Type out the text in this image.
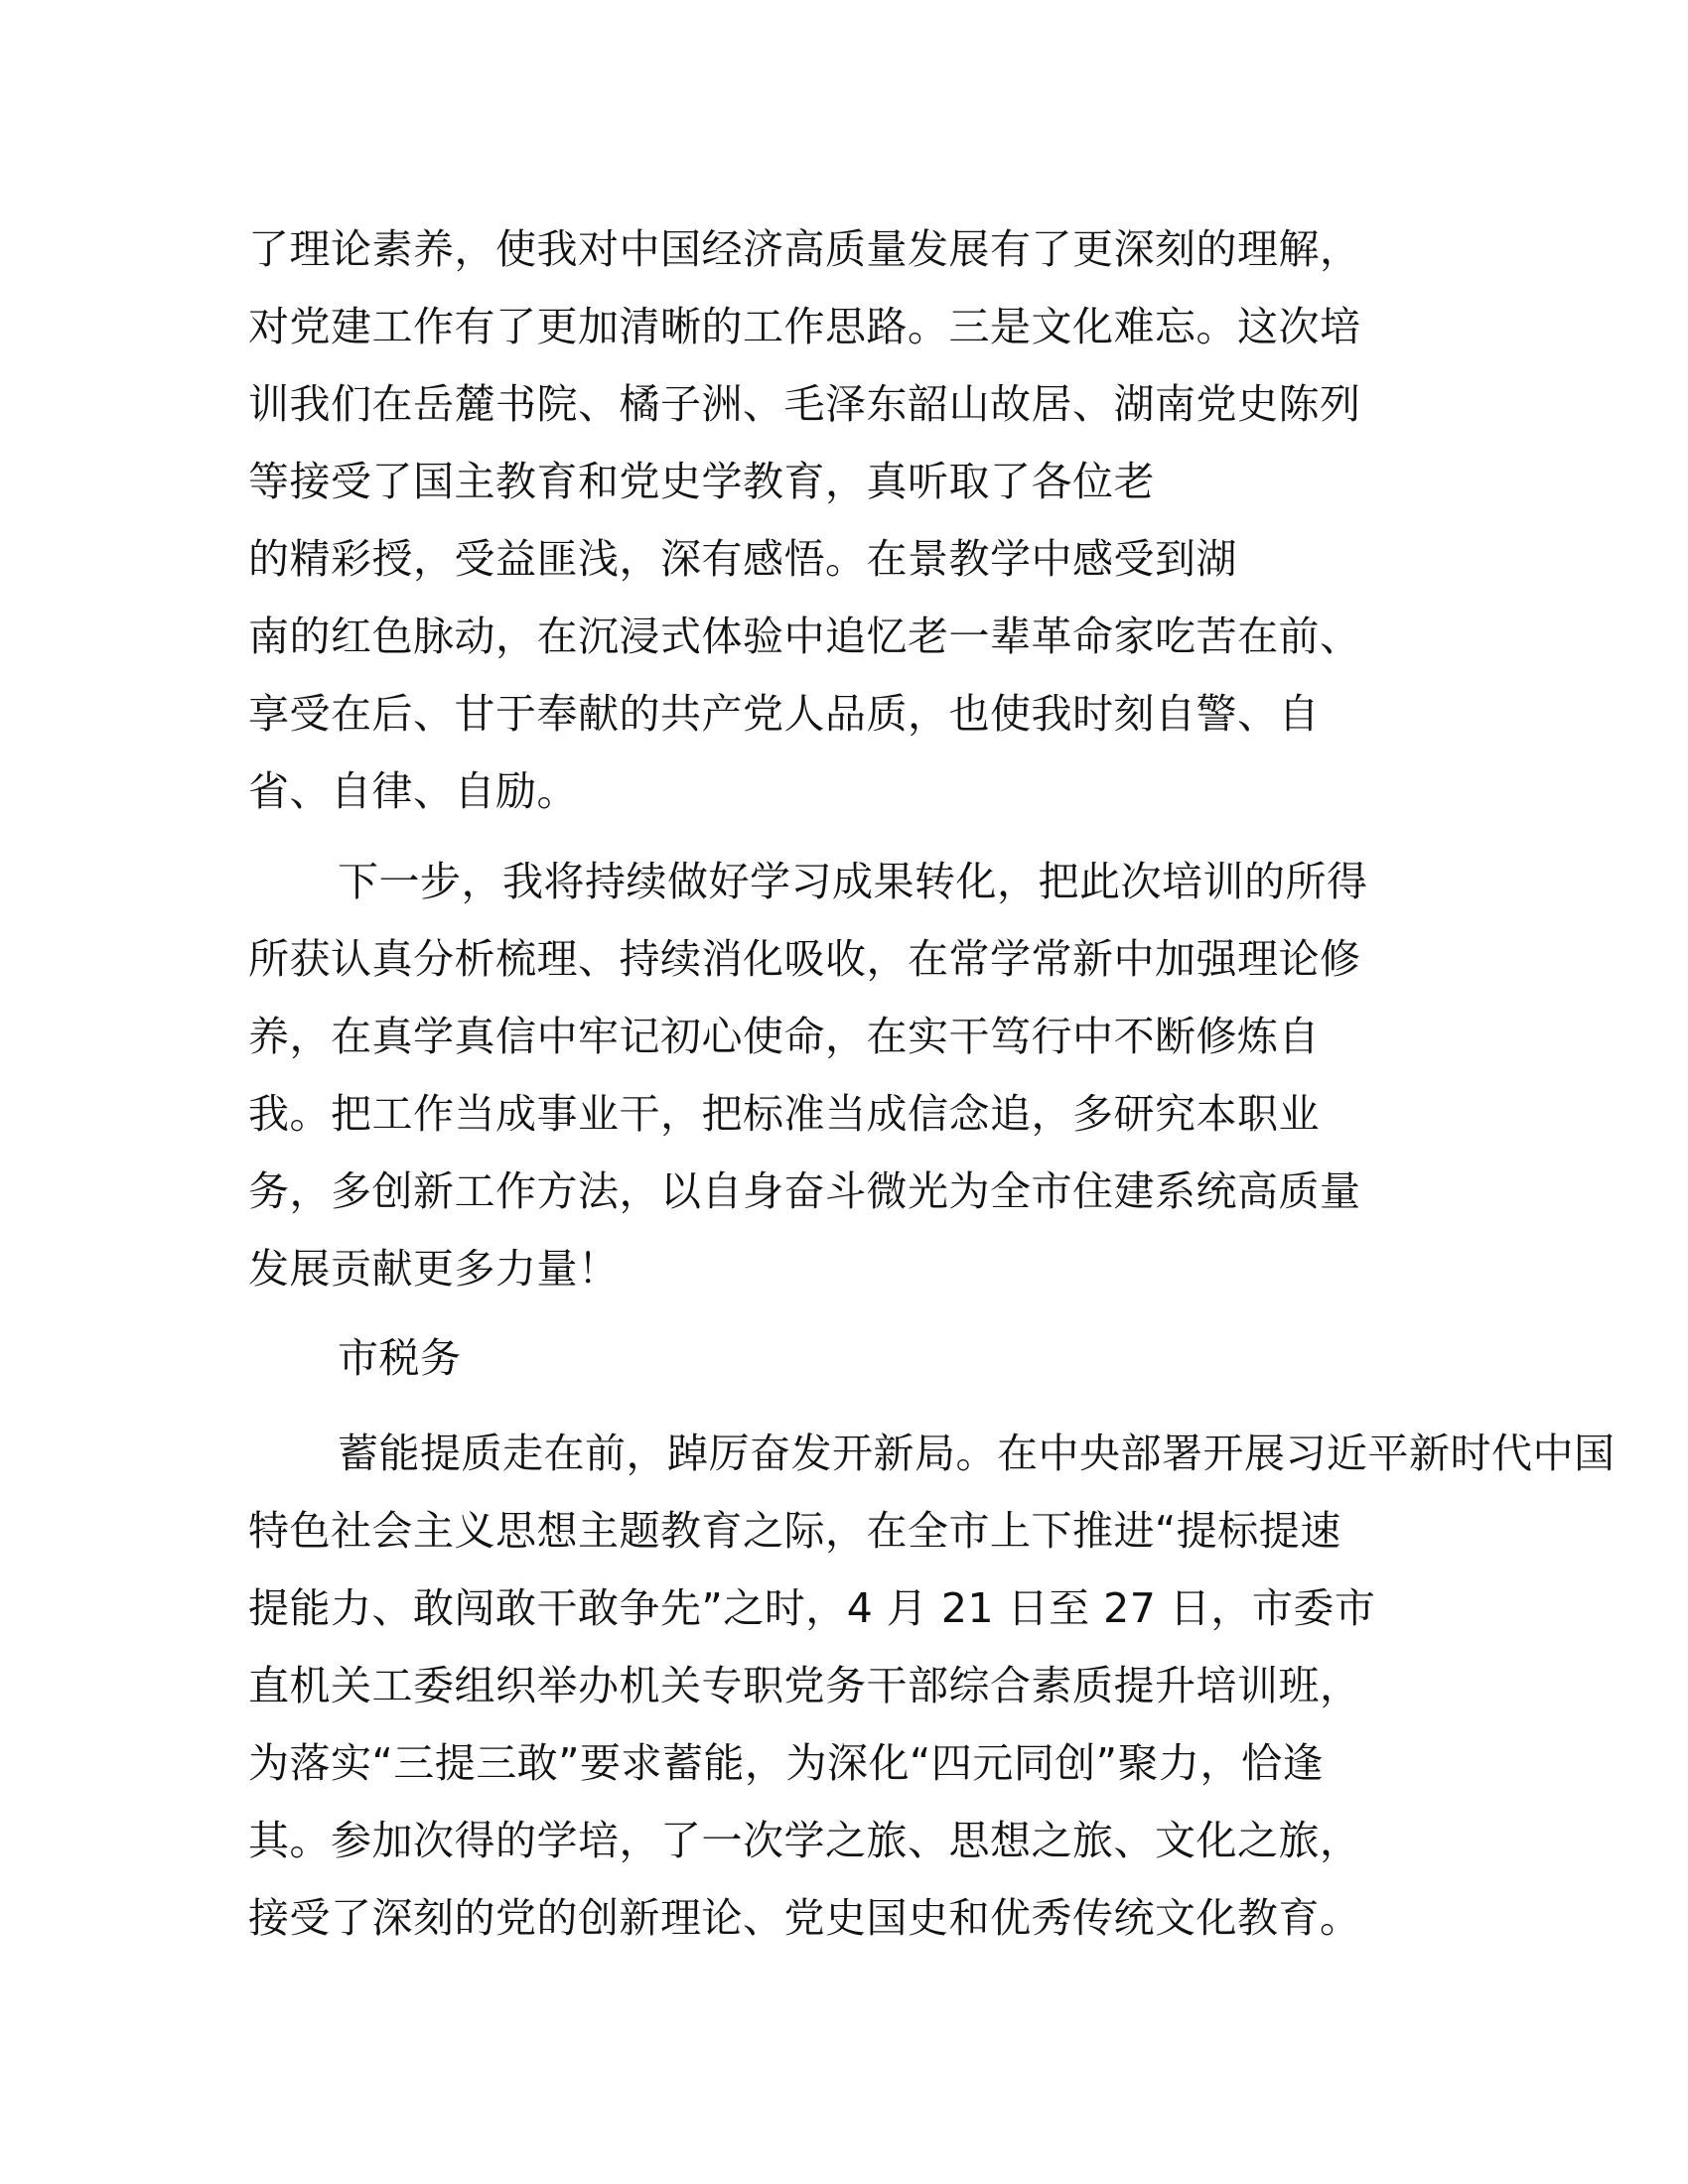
了理论素养，使我对中国经济高质量发展有了更深刻的理解，
对党建工作有了更加清晰的工作思路。三是文化难忘。这次培
训我们在岳麓书院、橘子洲、毛泽东韶山故居、湖南党史陈列
等接受了国主教育和党史学教育，真听取了各位老
的精彩授，受益匪浅，深有感悟。在景教学中感受到湖
南的红色脉动，在沉浸式体验中追忆老一辈革命家吃苦在前、
享受在后、甘于奉献的共产党人品质，也使我时刻自警、自
省、自律、自励。
下一步，我将持续做好学习成果转化，把此次培训的所得
所获认真分析梳理、持续消化吸收，在常学常新中加强理论修
养，在真学真信中牢记初心使命，在实干笃行中不断修炼自
我。把工作当成事业干，把标准当成信念追，多研究本职业
务，多创新工作方法，以自身奋斗微光为全市住建系统高质量
发展贡献更多力量！
市税务
蓄能提质走在前，踔厉奋发开新局。在中央部署开展习近平新时代中国
特色社会主义思想主题教育之际，在全市上下推进“提标提速
提能力、敢闯敢干敢争先”之时，4 月 21 日至 27 日，市委市
直机关工委组织举办机关专职党务干部综合素质提升培训班，
为落实“三提三敢”要求蓄能，为深化“四元同创”聚力，恰逢
其。参加次得的学培，了一次学之旅、思想之旅、文化之旅，
接受了深刻的党的创新理论、党史国史和优秀传统文化教育。
